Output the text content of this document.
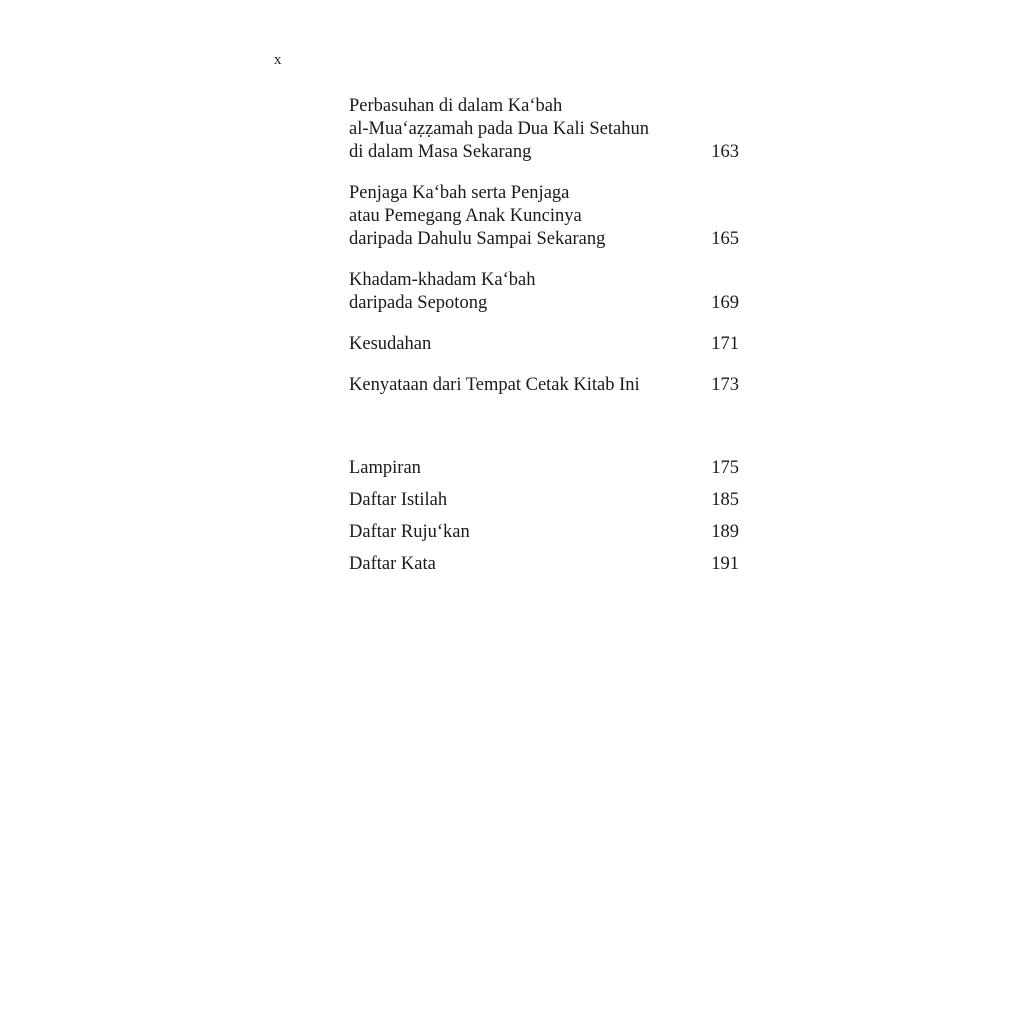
x
Perbasuhan di dalam Ka‘bah
al-Mua‘aẓẓamah pada Dua Kali Setahun
di dalam Masa Sekarang	163
Penjaga Ka‘bah serta Penjaga
atau Pemegang Anak Kuncinya
daripada Dahulu Sampai Sekarang	165
Khadam-khadam Ka‘bah
daripada Sepotong	169
Kesudahan	171
Kenyataan dari Tempat Cetak Kitab Ini	173
Lampiran	175
Daftar Istilah	185
Daftar Ruju‘kan	189
Daftar Kata	191
